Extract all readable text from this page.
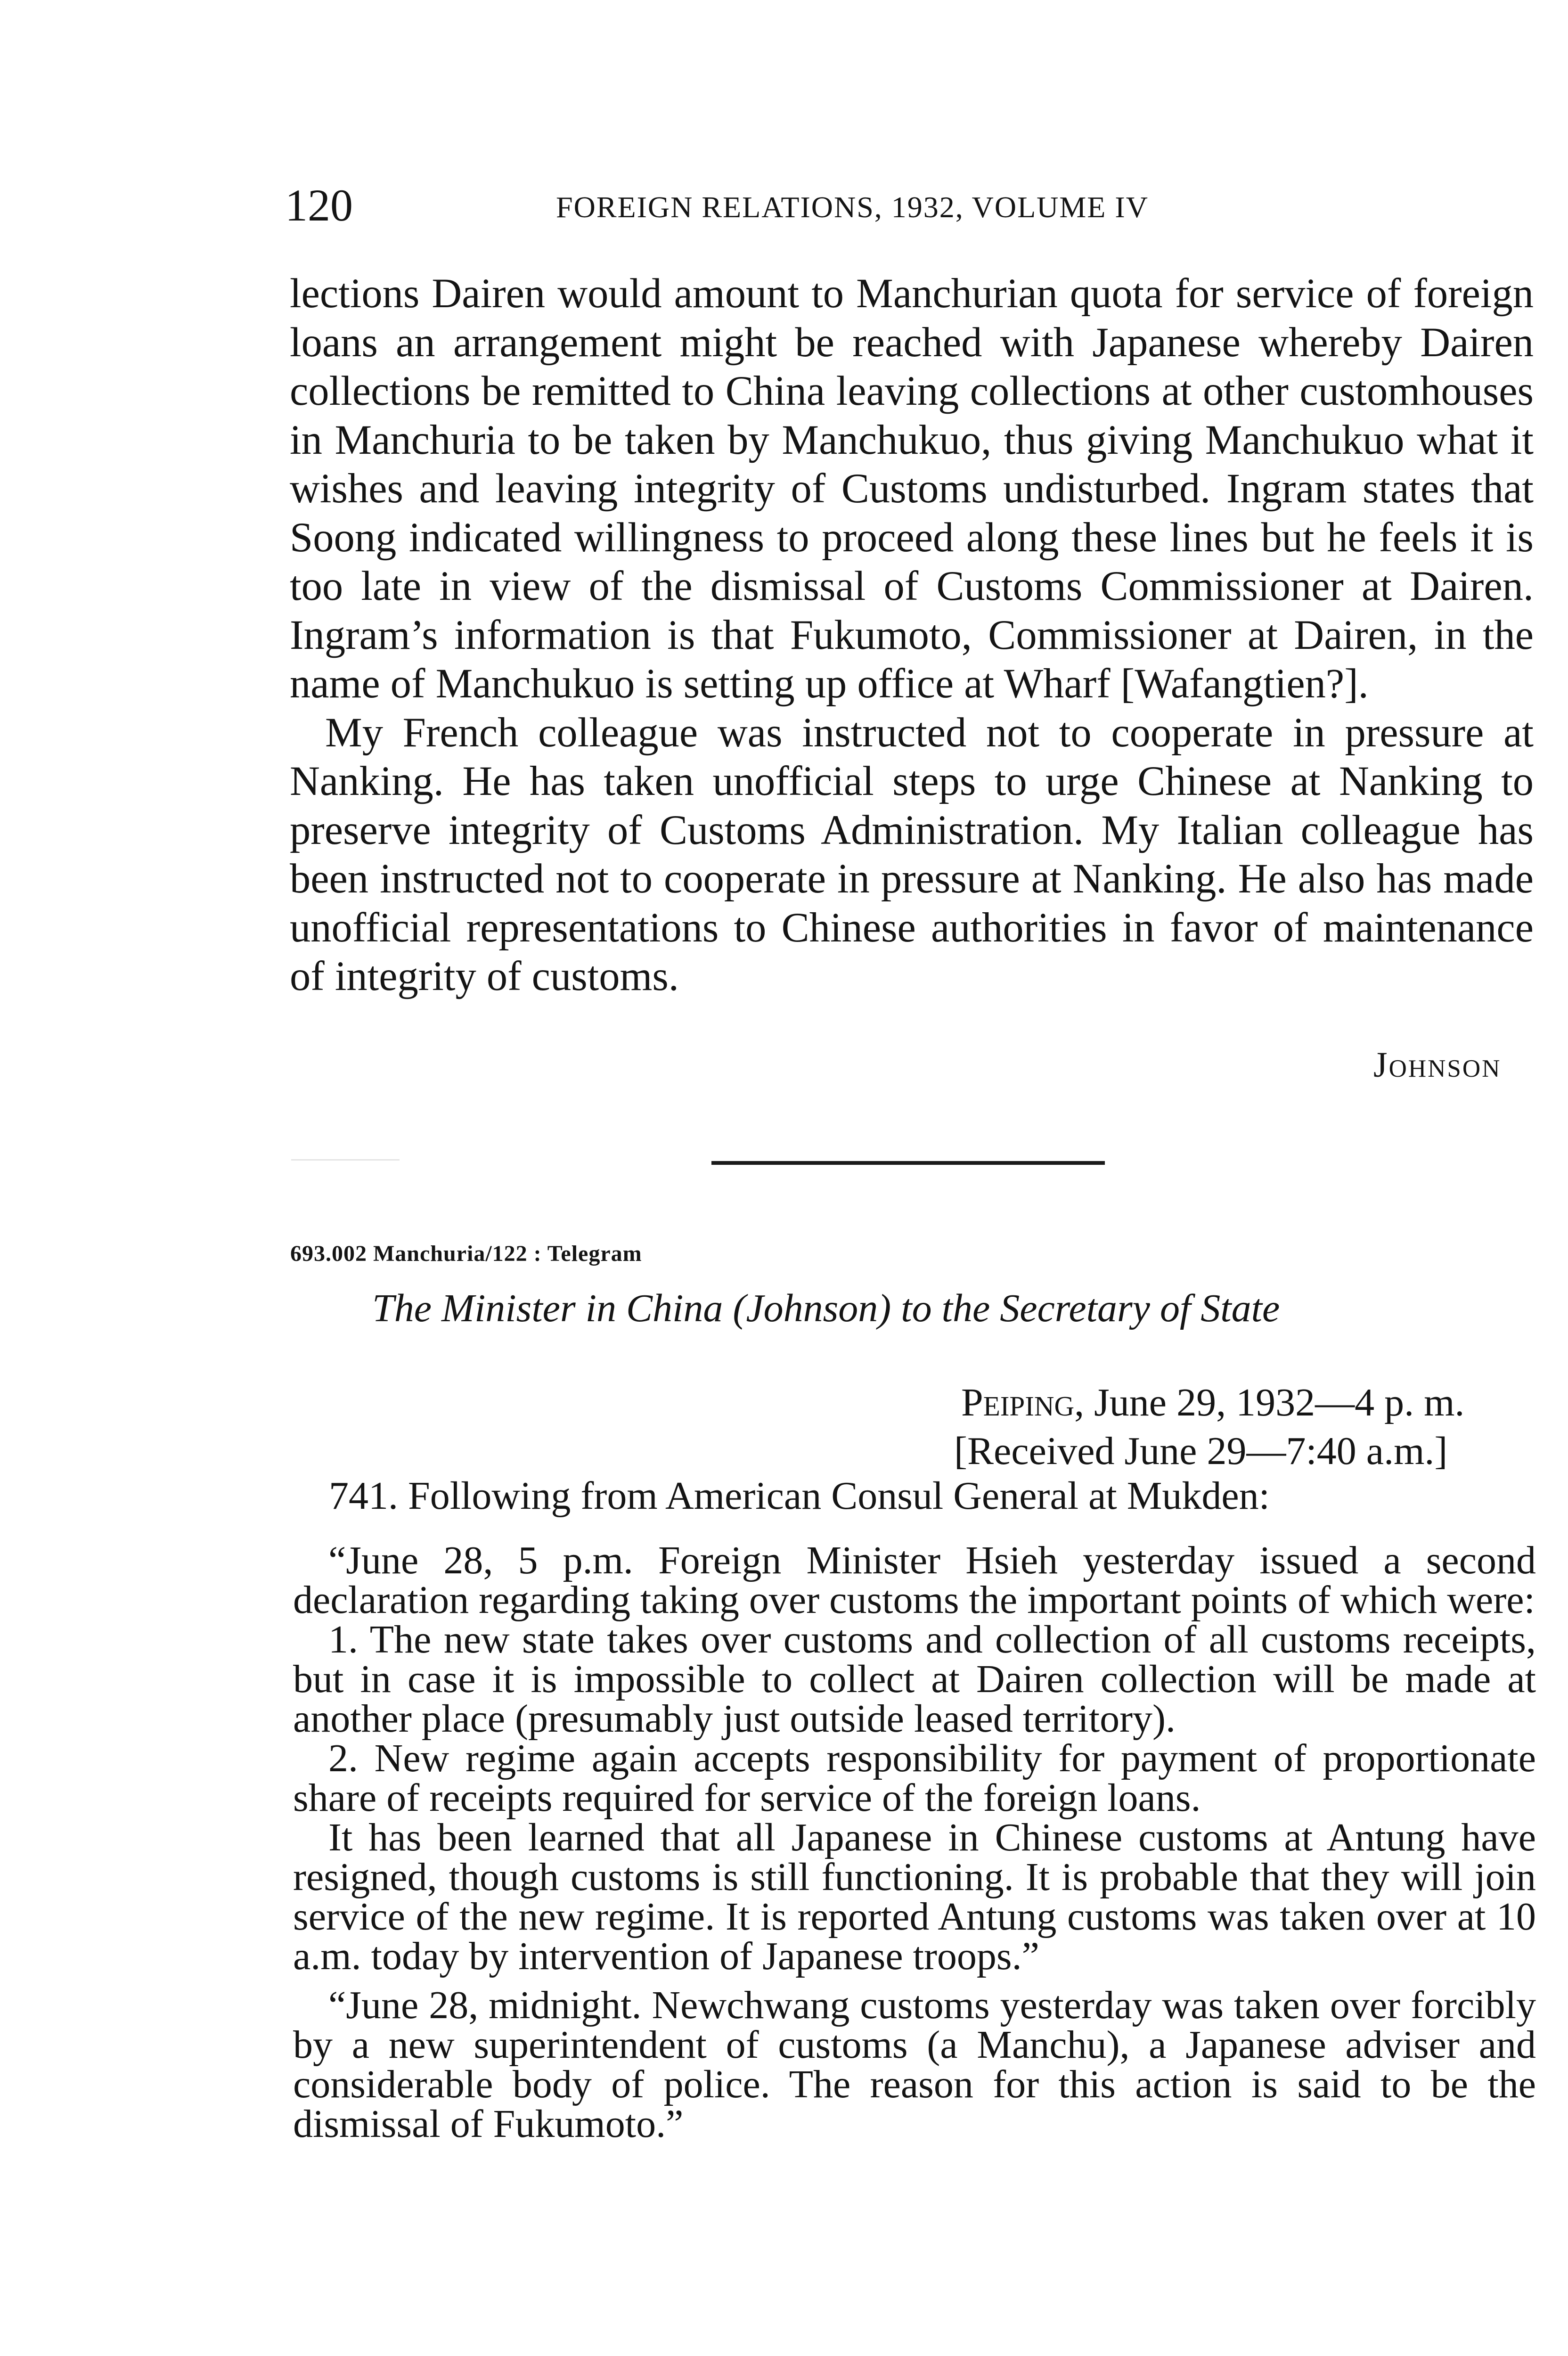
120	FOREIGN RELATIONS, 1932, VOLUME IV

lections Dairen would amount to Manchurian quota for service of foreign loans an arrangement might be reached with Japanese whereby Dairen collections be remitted to China leaving collections at other customhouses in Manchuria to be taken by Manchukuo, thus giving Manchukuo what it wishes and leaving integrity of Customs undisturbed. Ingram states that Soong indicated willingness to proceed along these lines but he feels it is too late in view of the dismissal of Customs Commissioner at Dairen. Ingram’s information is that Fukumoto, Commissioner at Dairen, in the name of Manchukuo is setting up office at Wharf [Wafangtien?].

My French colleague was instructed not to cooperate in pressure at Nanking. He has taken unofficial steps to urge Chinese at Nanking to preserve integrity of Customs Administration. My Italian colleague has been instructed not to cooperate in pressure at Nanking. He also has made unofficial representations to Chinese authorities in favor of maintenance of integrity of customs.

Johnson
693.002 Manchuria/122 : Telegram
The Minister in China (Johnson) to the Secretary of State
Peiping, June 29, 1932—4 p. m.
[Received June 29—7:40 a.m.]
741. Following from American Consul General at Mukden:

“June 28, 5 p.m. Foreign Minister Hsieh yesterday issued a second declaration regarding taking over customs the important points of which were:

1. The new state takes over customs and collection of all customs receipts, but in case it is impossible to collect at Dairen collection will be made at another place (presumably just outside leased territory).

2. New regime again accepts responsibility for payment of proportionate share of receipts required for service of the foreign loans.

It has been learned that all Japanese in Chinese customs at Antung have resigned, though customs is still functioning. It is probable that they will join service of the new regime. It is reported Antung customs was taken over at 10 a.m. today by intervention of Japanese troops.”

“June 28, midnight. Newchwang customs yesterday was taken over forcibly by a new superintendent of customs (a Manchu), a Japanese adviser and considerable body of police. The reason for this action is said to be the dismissal of Fukumoto.”
